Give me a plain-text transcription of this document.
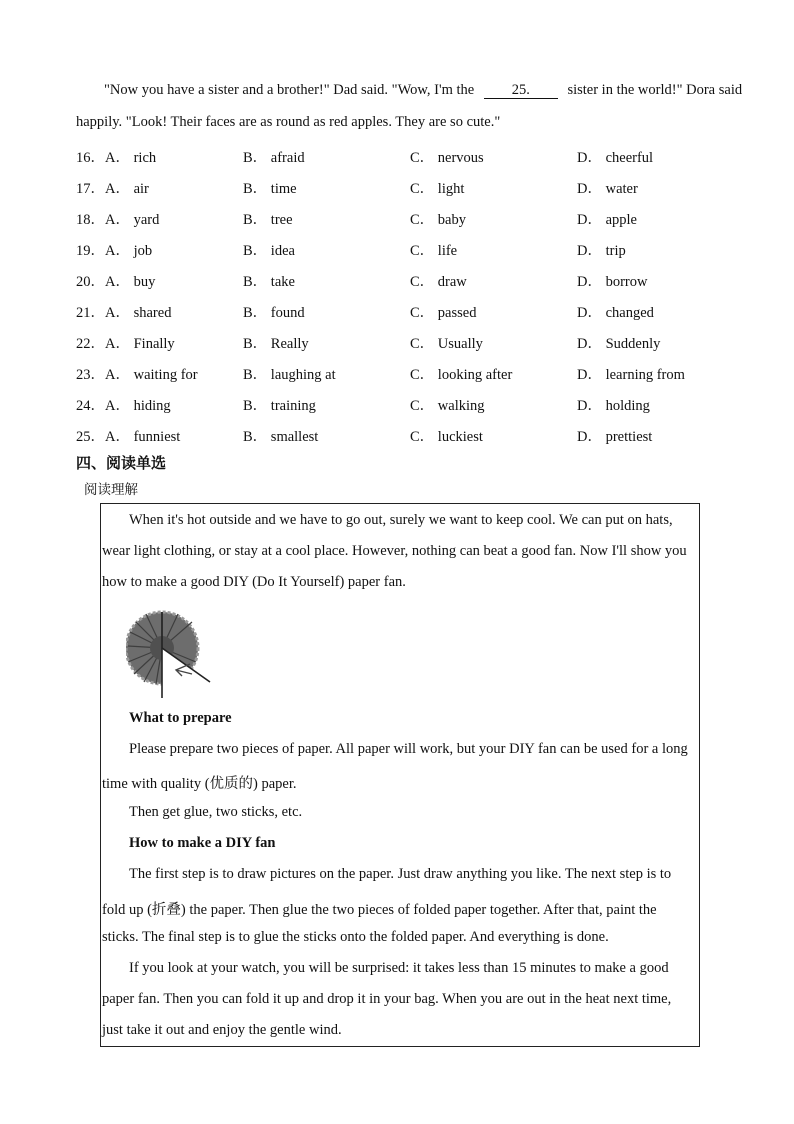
"Now you have a sister and a brother!" Dad said. "Wow, I'm the	25.	sister in the world!" Dora said
happily. "Look! Their faces are as round as red apples. They are so cute."
16．A． rich	B． afraid	C． nervous	D． cheerful
17．A． air	B． time	C． light	D． water
18．A． yard	B． tree	C． baby	D． apple
19．A． job	B． idea	C． life	D． trip
20．A． buy	B． take	C． draw	D． borrow
21．A． shared	B． found	C． passed	D． changed
22．A． Finally	B． Really	C． Usually	D． Suddenly
23．A． waiting for	B． laughing at	C． looking after	D． learning from
24．A． hiding	B． training	C． walking	D． holding
25．A． funniest	B． smallest	C． luckiest	D． prettiest
四、阅读单选
阅读理解
When it's hot outside and we have to go out, surely we want to keep cool. We can put on hats,
wear light clothing, or stay at a cool place. However, nothing can beat a good fan. Now I'll show you
how to make a good DIY (Do It Yourself) paper fan.
What to prepare
Please prepare two pieces of paper. All paper will work, but your DIY fan can be used for a long
time with quality (优质的) paper.
Then get glue, two sticks, etc.
How to make a DIY fan
The first step is to draw pictures on the paper. Just draw anything you like. The next step is to
fold up (折叠) the paper. Then glue the two pieces of folded paper together. After that, paint the
sticks. The final step is to glue the sticks onto the folded paper. And everything is done.
If you look at your watch, you will be surprised: it takes less than 15 minutes to make a good
paper fan. Then you can fold it up and drop it in your bag. When you are out in the heat next time,
just take it out and enjoy the gentle wind.
